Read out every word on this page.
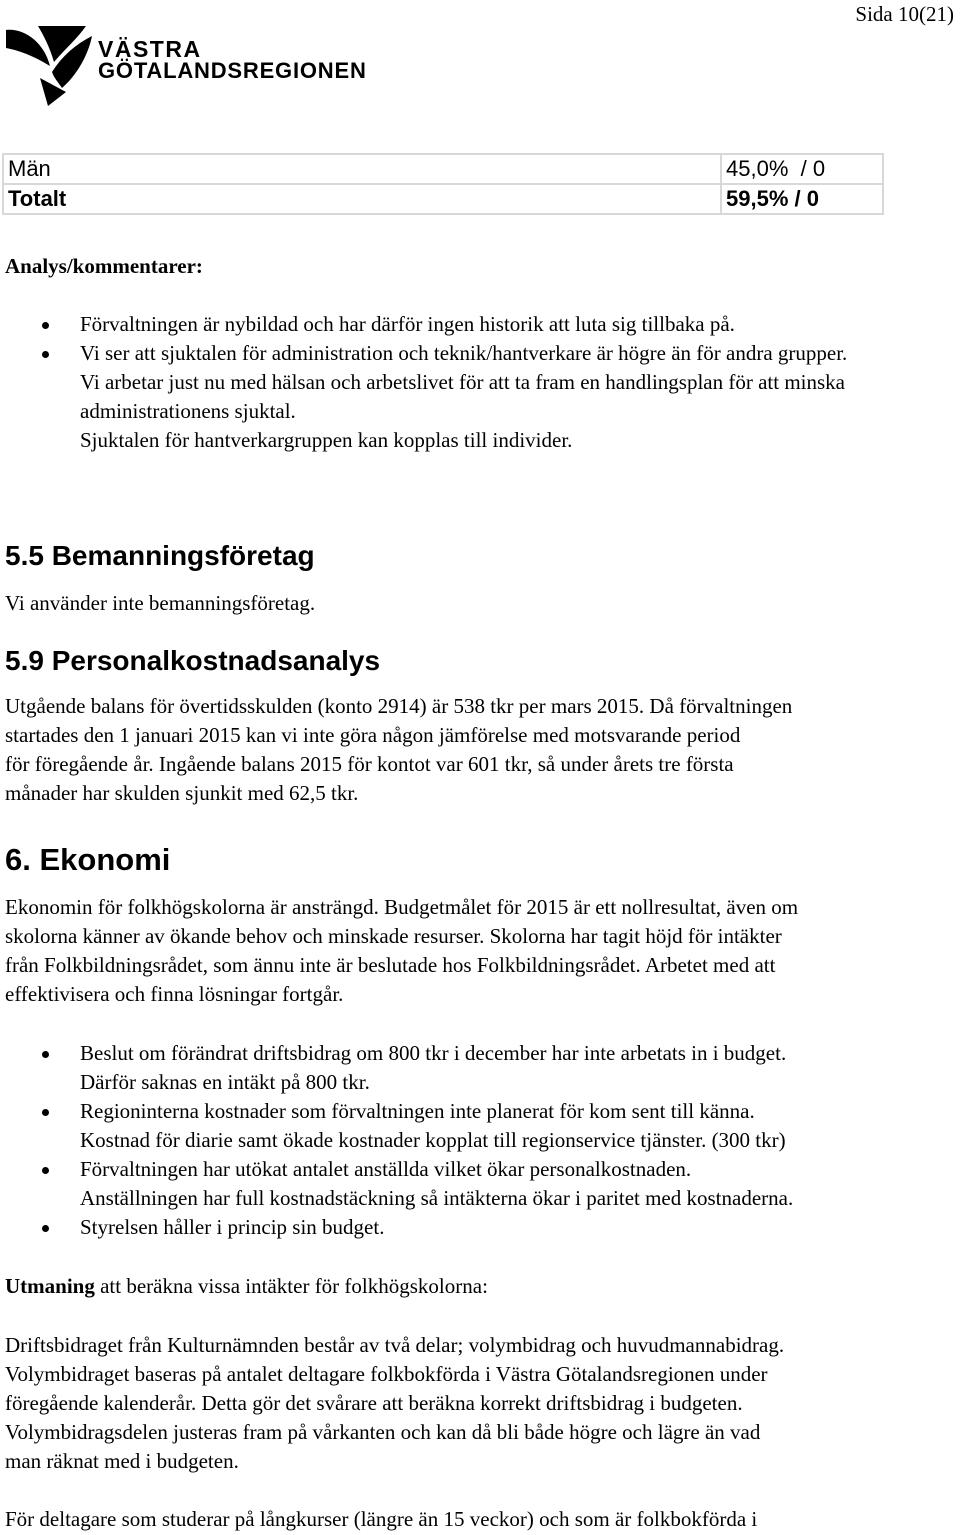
Sida 10(21)
VÄSTRA
GÖTALANDSREGIONEN
Män	45,0%  / 0
Totalt	59,5% / 0
Analys/kommentarer:
Förvaltningen är nybildad och har därför ingen historik att luta sig tillbaka på.
Vi ser att sjuktalen för administration och teknik/hantverkare är högre än för andra grupper.
Vi arbetar just nu med hälsan och arbetslivet för att ta fram en handlingsplan för att minska administrationens sjuktal.
Sjuktalen för hantverkargruppen kan kopplas till individer.
5.5 Bemanningsföretag
Vi använder inte bemanningsföretag.
5.9 Personalkostnadsanalys

Utgående balans för övertidsskulden (konto 2914) är 538 tkr per mars 2015. Då förvaltningen

startades den 1 januari 2015 kan vi inte göra någon jämförelse med motsvarande period

för föregående år. Ingående balans 2015 för kontot var 601 tkr, så under årets tre första

månader har skulden sjunkit med 62,5 tkr.

6. Ekonomi

Ekonomin för folkhögskolorna är ansträngd. Budgetmålet för 2015 är ett nollresultat, även om

skolorna känner av ökande behov och minskade resurser. Skolorna har tagit höjd för intäkter

från Folkbildningsrådet, som ännu inte är beslutade hos Folkbildningsrådet. Arbetet med att

effektivisera och finna lösningar fortgår.

Beslut om förändrat driftsbidrag om 800 tkr i december har inte arbetats in i budget.

Därför saknas en intäkt på 800 tkr.

Regioninterna kostnader som förvaltningen inte planerat för kom sent till känna.

Kostnad för diarie samt ökade kostnader kopplat till regionservice tjänster. (300 tkr)

Förvaltningen har utökat antalet anställda vilket ökar personalkostnaden.

Anställningen har full kostnadstäckning så intäkterna ökar i paritet med kostnaderna.

Styrelsen håller i princip sin budget.

Utmaning att beräkna vissa intäkter för folkhögskolorna:

Driftsbidraget från Kulturnämnden består av två delar; volymbidrag och huvudmannabidrag.

Volymbidraget baseras på antalet deltagare folkbokförda i Västra Götalandsregionen under

föregående kalenderår. Detta gör det svårare att beräkna korrekt driftsbidrag i budgeten.

Volymbidragsdelen justeras fram på vårkanten och kan då bli både högre och lägre än vad

man räknat med i budgeten.

För deltagare som studerar på långkurser (längre än 15 veckor) och som är folkbokförda i
